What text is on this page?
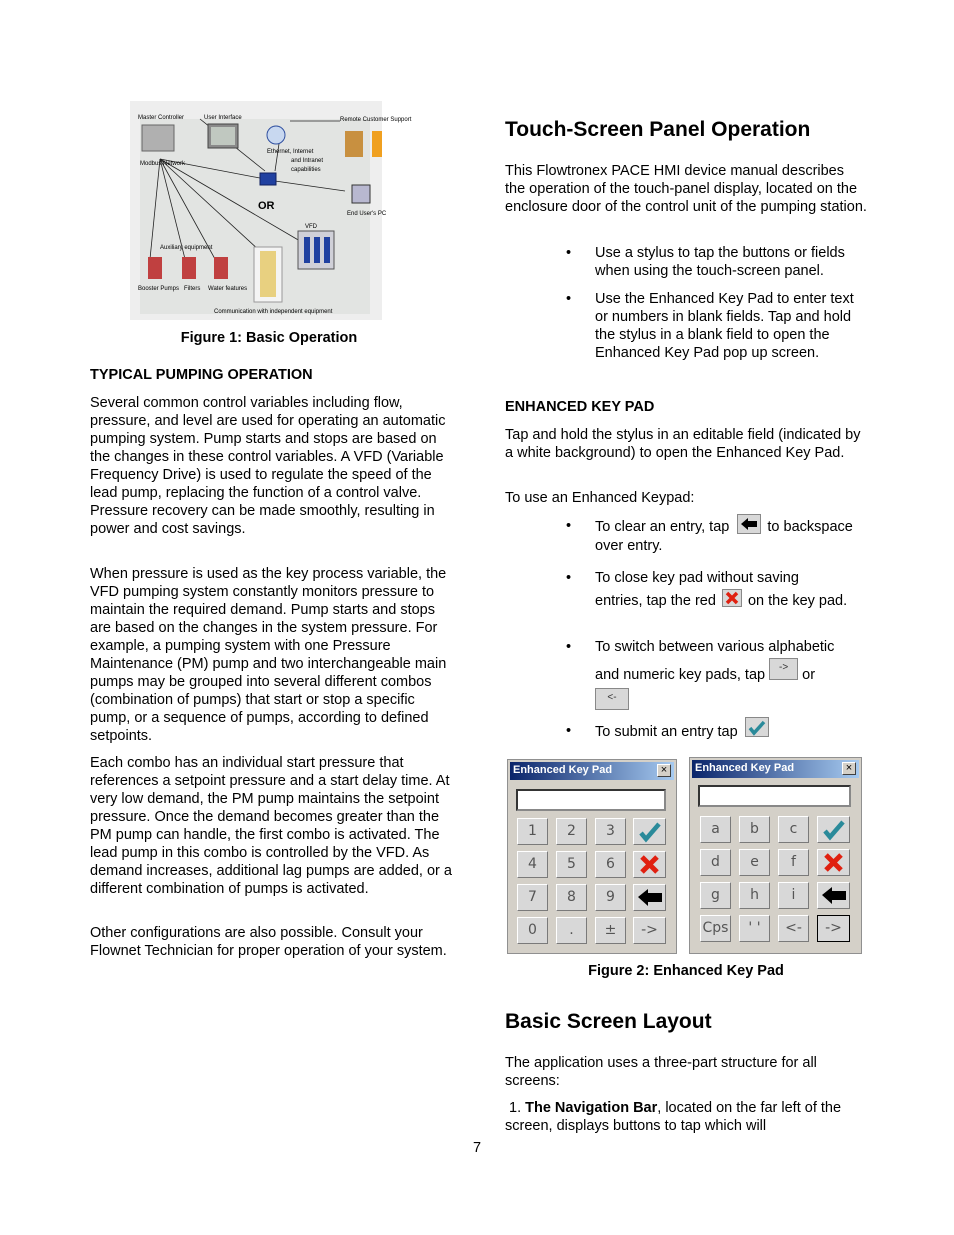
Master Controller	User Interface	Remote Customer Support
Modbus Network
Ethernet, Internet
and Intranet
capabilities
End User's PC
VFD
Auxiliary equipment
Booster Pumps Filters Water features
Communication with independent equipment
OR
Figure 1: Basic Operation
TYPICAL PUMPING OPERATION

Several common control variables including flow, pressure, and level are used for operating an automatic pumping system. Pump starts and stops are based on the changes in these control variables. A VFD (Variable Frequency Drive) is used to regulate the speed of the lead pump, replacing the function of a control valve. Pressure recovery can be made smoothly, resulting in power and cost savings.

When pressure is used as the key process variable, the VFD pumping system constantly monitors pressure to maintain the required demand. Pump starts and stops are based on the changes in the system pressure. For example, a pumping system with one Pressure Maintenance (PM) pump and two interchangeable main pumps may be grouped into several different combos (combination of pumps) that start or stop a specific pump, or a sequence of pumps, according to defined setpoints.

Each combo has an individual start pressure that references a setpoint pressure and a start delay time. At very low demand, the PM pump maintains the setpoint pressure. Once the demand becomes greater than the PM pump can handle, the first combo is activated. The lead pump in this combo is controlled by the VFD. As demand increases, additional lag pumps are added, or a different combination of pumps is activated.

Other configurations are also possible. Consult your Flownet Technician for proper operation of your system.

Touch-Screen Panel Operation

This Flowtronex PACE HMI device manual describes the operation of the touch-panel display, located on the enclosure door of the control unit of the pumping station.

• Use a stylus to tap the buttons or fields when using the touch-screen panel.
• Use the Enhanced Key Pad to enter text or numbers in blank fields. Tap and hold the stylus in a blank field to open the Enhanced Key Pad pop up screen.
ENHANCED KEY PAD

Tap and hold the stylus in an editable field (indicated by a white background) to open the Enhanced Key Pad.

To use an Enhanced Keypad:

• To clear an entry, tap	to backspace over entry.
• To close key pad without saving
entries, tap the red on the key pad.
• To switch between various alphabetic
and numeric key pads, tap -> or
<-
• To submit an entry tap
Enhanced Key Pad	×
1	2	3
4	5	6
7	8	9
0	.	±	->
Enhanced Key Pad	×
a	b	c
d	e	f
g	h	i
Cps	' '	<-	->
Figure 2: Enhanced Key Pad
Basic Screen Layout

The application uses a three-part structure for all screens:

1. The Navigation Bar, located on the far left of the screen, displays buttons to tap which will

7
